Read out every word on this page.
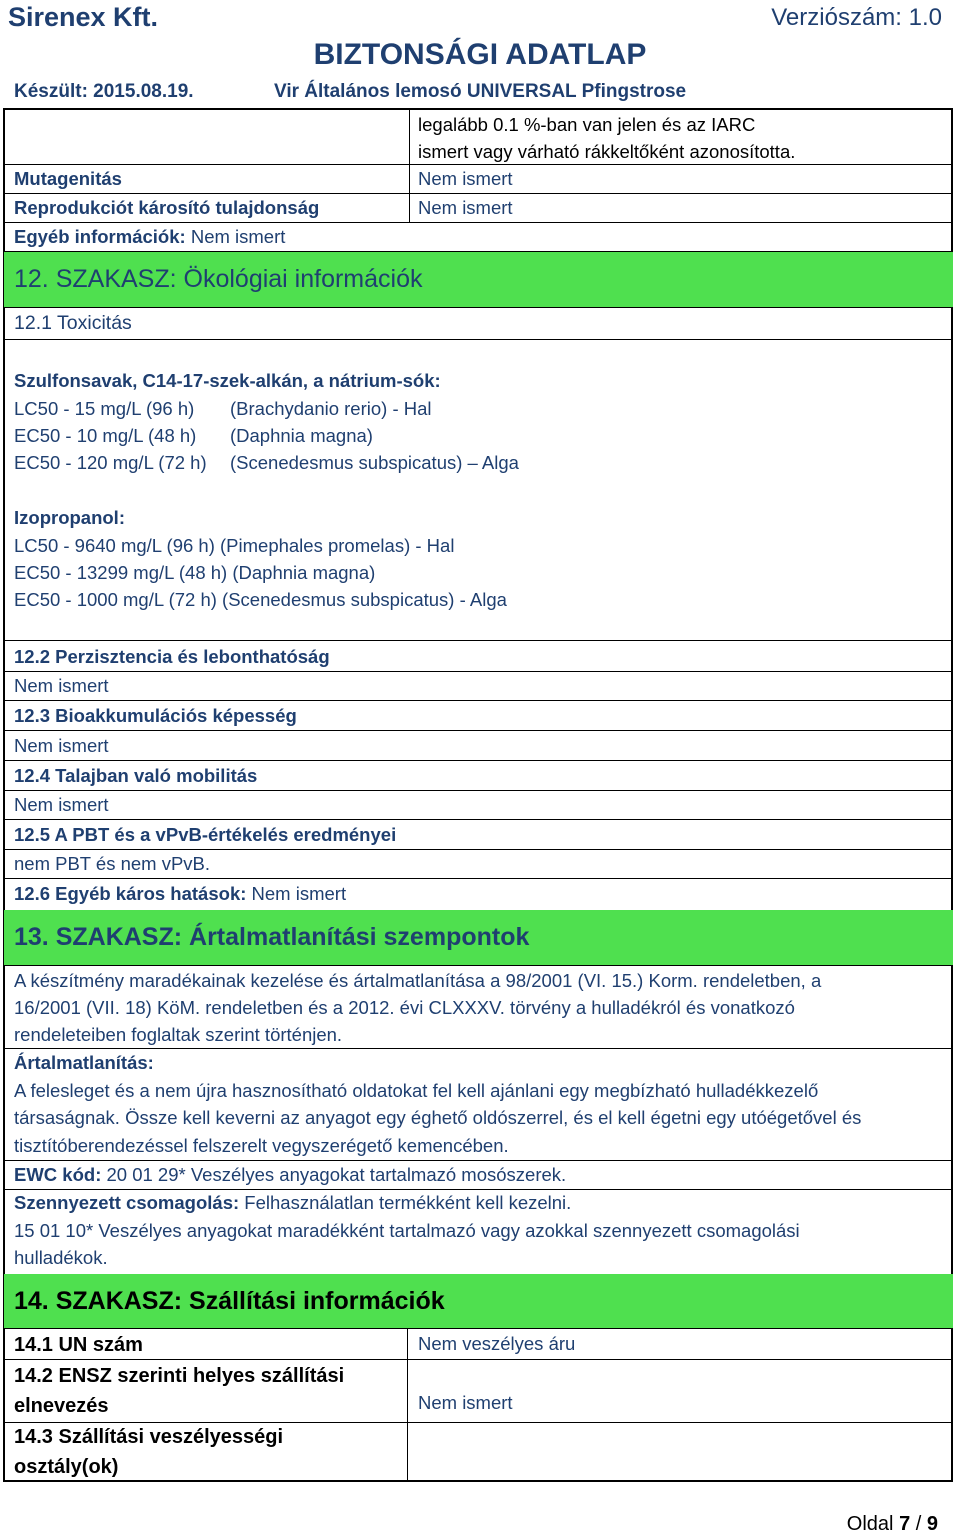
Sirenex Kft.	Verziószám: 1.0
BIZTONSÁGI ADATLAP
Készült: 2015.08.19.	Vir Általános lemosó UNIVERSAL Pfingstrose
legalább 0.1 %-ban van jelen és az IARC
ismert vagy várható rákkeltőként azonosította.
Mutagenitás	Nem ismert
Reprodukciót károsító tulajdonság	Nem ismert
Egyéb információk: Nem ismert
12. SZAKASZ: Ökológiai információk
12.1 Toxicitás
Szulfonsavak, C14-17-szek-alkán, a nátrium-sók:
LC50 - 15 mg/L (96 h) (Brachydanio rerio) - Hal
EC50 - 10 mg/L (48 h) (Daphnia magna)
EC50 - 120 mg/L (72 h) (Scenedesmus subspicatus) – Alga
Izopropanol:
LC50 - 9640 mg/L (96 h) (Pimephales promelas) - Hal
EC50 - 13299 mg/L (48 h) (Daphnia magna)
EC50 - 1000 mg/L (72 h) (Scenedesmus subspicatus) - Alga
12.2 Perzisztencia és lebonthatóság
Nem ismert
12.3 Bioakkumulációs képesség
Nem ismert
12.4 Talajban való mobilitás
Nem ismert
12.5 A PBT és a vPvB-értékelés eredményei
nem PBT és nem vPvB.
12.6 Egyéb káros hatások: Nem ismert
13. SZAKASZ: Ártalmatlanítási szempontok
A készítmény maradékainak kezelése és ártalmatlanítása a 98/2001 (VI. 15.) Korm. rendeletben, a
16/2001 (VII. 18) KöM. rendeletben és a 2012. évi CLXXXV. törvény a hulladékról és vonatkozó
rendeleteiben foglaltak szerint történjen.
Ártalmatlanítás:
A felesleget és a nem újra hasznosítható oldatokat fel kell ajánlani egy megbízható hulladékkezelő
társaságnak. Össze kell keverni az anyagot egy éghető oldószerrel, és el kell égetni egy utóégetővel és
tisztítóberendezéssel felszerelt vegyszerégető kemencében.
EWC kód: 20 01 29* Veszélyes anyagokat tartalmazó mosószerek.
Szennyezett csomagolás: Felhasználatlan termékként kell kezelni.
15 01 10* Veszélyes anyagokat maradékként tartalmazó vagy azokkal szennyezett csomagolási
hulladékok.
14. SZAKASZ: Szállítási információk
14.1 UN szám	Nem veszélyes áru
14.2 ENSZ szerinti helyes szállítási
elnevezés	Nem ismert
14.3 Szállítási veszélyességi
osztály(ok)
Oldal 7 / 9
